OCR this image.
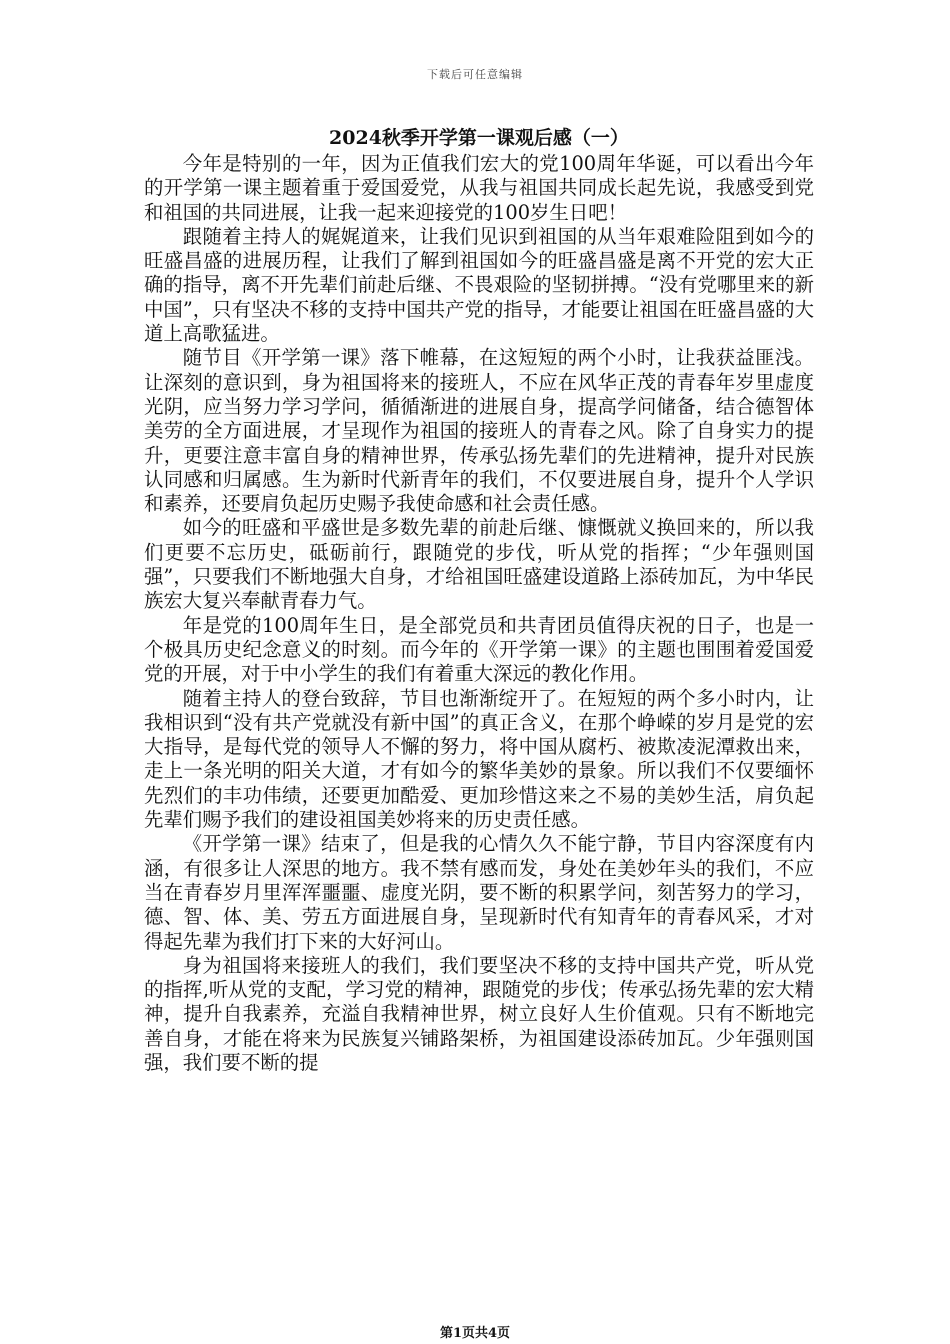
下载后可任意编辑
2024秋季开学第一课观后感（一）

今年是特别的一年，因为正值我们宏大的党100周年华诞，可以看出今年的开学第一课主题着重于爱国爱党，从我与祖国共同成长起先说，我感受到党和祖国的共同进展，让我一起来迎接党的100岁生日吧！

跟随着主持人的娓娓道来，让我们见识到祖国的从当年艰难险阻到如今的旺盛昌盛的进展历程，让我们了解到祖国如今的旺盛昌盛是离不开党的宏大正确的指导，离不开先辈们前赴后继、不畏艰险的坚韧拼搏。“没有党哪里来的新中国”，只有坚决不移的支持中国共产党的指导，才能要让祖国在旺盛昌盛的大道上高歌猛进。

随节目《开学第一课》落下帷幕，在这短短的两个小时，让我获益匪浅。让深刻的意识到，身为祖国将来的接班人，不应在风华正茂的青春年岁里虚度光阴，应当努力学习学问，循循渐进的进展自身，提高学问储备，结合德智体美劳的全方面进展，才呈现作为祖国的接班人的青春之风。除了自身实力的提升，更要注意丰富自身的精神世界，传承弘扬先辈们的先进精神，提升对民族认同感和归属感。生为新时代新青年的我们，不仅要进展自身，提升个人学识和素养，还要肩负起历史赐予我使命感和社会责任感。

如今的旺盛和平盛世是多数先辈的前赴后继、慷慨就义换回来的，所以我们更要不忘历史，砥砺前行，跟随党的步伐，听从党的指挥；“少年强则国强”，只要我们不断地强大自身，才给祖国旺盛建设道路上添砖加瓦，为中华民族宏大复兴奉献青春力气。

年是党的100周年生日，是全部党员和共青团员值得庆祝的日子，也是一个极具历史纪念意义的时刻。而今年的《开学第一课》的主题也围围着爱国爱党的开展，对于中小学生的我们有着重大深远的教化作用。

随着主持人的登台致辞，节目也渐渐绽开了。在短短的两个多小时内，让我相识到“没有共产党就没有新中国”的真正含义，在那个峥嵘的岁月是党的宏大指导，是每代党的领导人不懈的努力，将中国从腐朽、被欺凌泥潭救出来，走上一条光明的阳关大道，才有如今的繁华美妙的景象。所以我们不仅要缅怀先烈们的丰功伟绩，还要更加酷爱、更加珍惜这来之不易的美妙生活，肩负起先辈们赐予我们的建设祖国美妙将来的历史责任感。

《开学第一课》结束了，但是我的心情久久不能宁静，节目内容深度有内涵，有很多让人深思的地方。我不禁有感而发，身处在美妙年头的我们，不应当在青春岁月里浑浑噩噩、虚度光阴，要不断的积累学问，刻苦努力的学习，德、智、体、美、劳五方面进展自身，呈现新时代有知青年的青春风采，才对得起先辈为我们打下来的大好河山。

身为祖国将来接班人的我们，我们要坚决不移的支持中国共产党，听从党的指挥,听从党的支配，学习党的精神，跟随党的步伐；传承弘扬先辈的宏大精神，提升自我素养，充溢自我精神世界，树立良好人生价值观。只有不断地完善自身，才能在将来为民族复兴铺路架桥，为祖国建设添砖加瓦。少年强则国强，我们要不断的提

第1页共4页
